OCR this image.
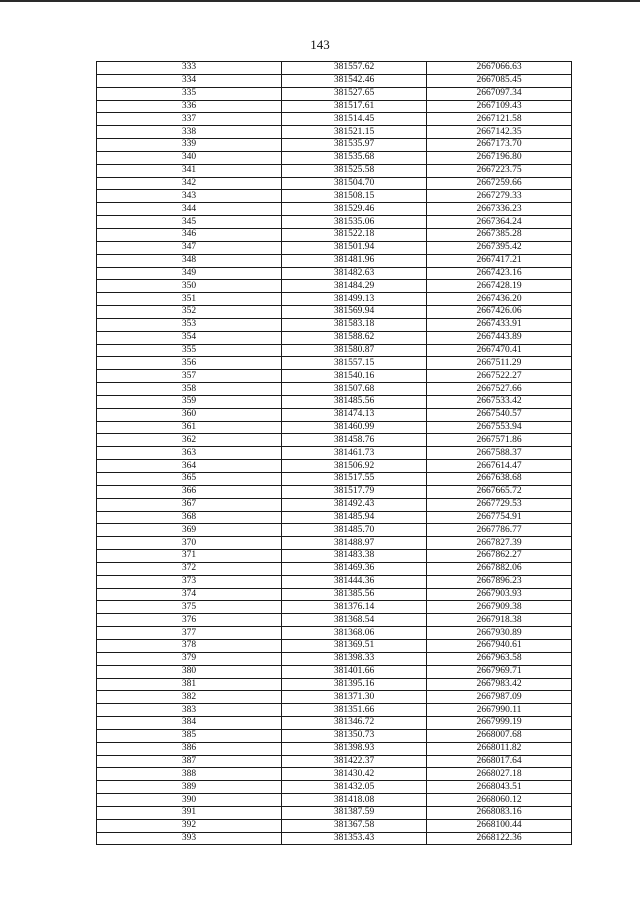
143
333	381557.62	2667066.63
334	381542.46	2667085.45
335	381527.65	2667097.34
336	381517.61	2667109.43
337	381514.45	2667121.58
338	381521.15	2667142.35
339	381535.97	2667173.70
340	381535.68	2667196.80
341	381525.58	2667223.75
342	381504.70	2667259.66
343	381508.15	2667279.33
344	381529.46	2667336.23
345	381535.06	2667364.24
346	381522.18	2667385.28
347	381501.94	2667395.42
348	381481.96	2667417.21
349	381482.63	2667423.16
350	381484.29	2667428.19
351	381499.13	2667436.20
352	381569.94	2667426.06
353	381583.18	2667433.91
354	381588.62	2667443.89
355	381580.87	2667470.41
356	381557.15	2667511.29
357	381540.16	2667522.27
358	381507.68	2667527.66
359	381485.56	2667533.42
360	381474.13	2667540.57
361	381460.99	2667553.94
362	381458.76	2667571.86
363	381461.73	2667588.37
364	381506.92	2667614.47
365	381517.55	2667638.68
366	381517.79	2667665.72
367	381492.43	2667729.53
368	381485.94	2667754.91
369	381485.70	2667786.77
370	381488.97	2667827.39
371	381483.38	2667862.27
372	381469.36	2667882.06
373	381444.36	2667896.23
374	381385.56	2667903.93
375	381376.14	2667909.38
376	381368.54	2667918.38
377	381368.06	2667930.89
378	381369.51	2667940.61
379	381398.33	2667963.58
380	381401.66	2667969.71
381	381395.16	2667983.42
382	381371.30	2667987.09
383	381351.66	2667990.11
384	381346.72	2667999.19
385	381350.73	2668007.68
386	381398.93	2668011.82
387	381422.37	2668017.64
388	381430.42	2668027.18
389	381432.05	2668043.51
390	381418.08	2668060.12
391	381387.59	2668083.16
392	381367.58	2668100.44
393	381353.43	2668122.36
